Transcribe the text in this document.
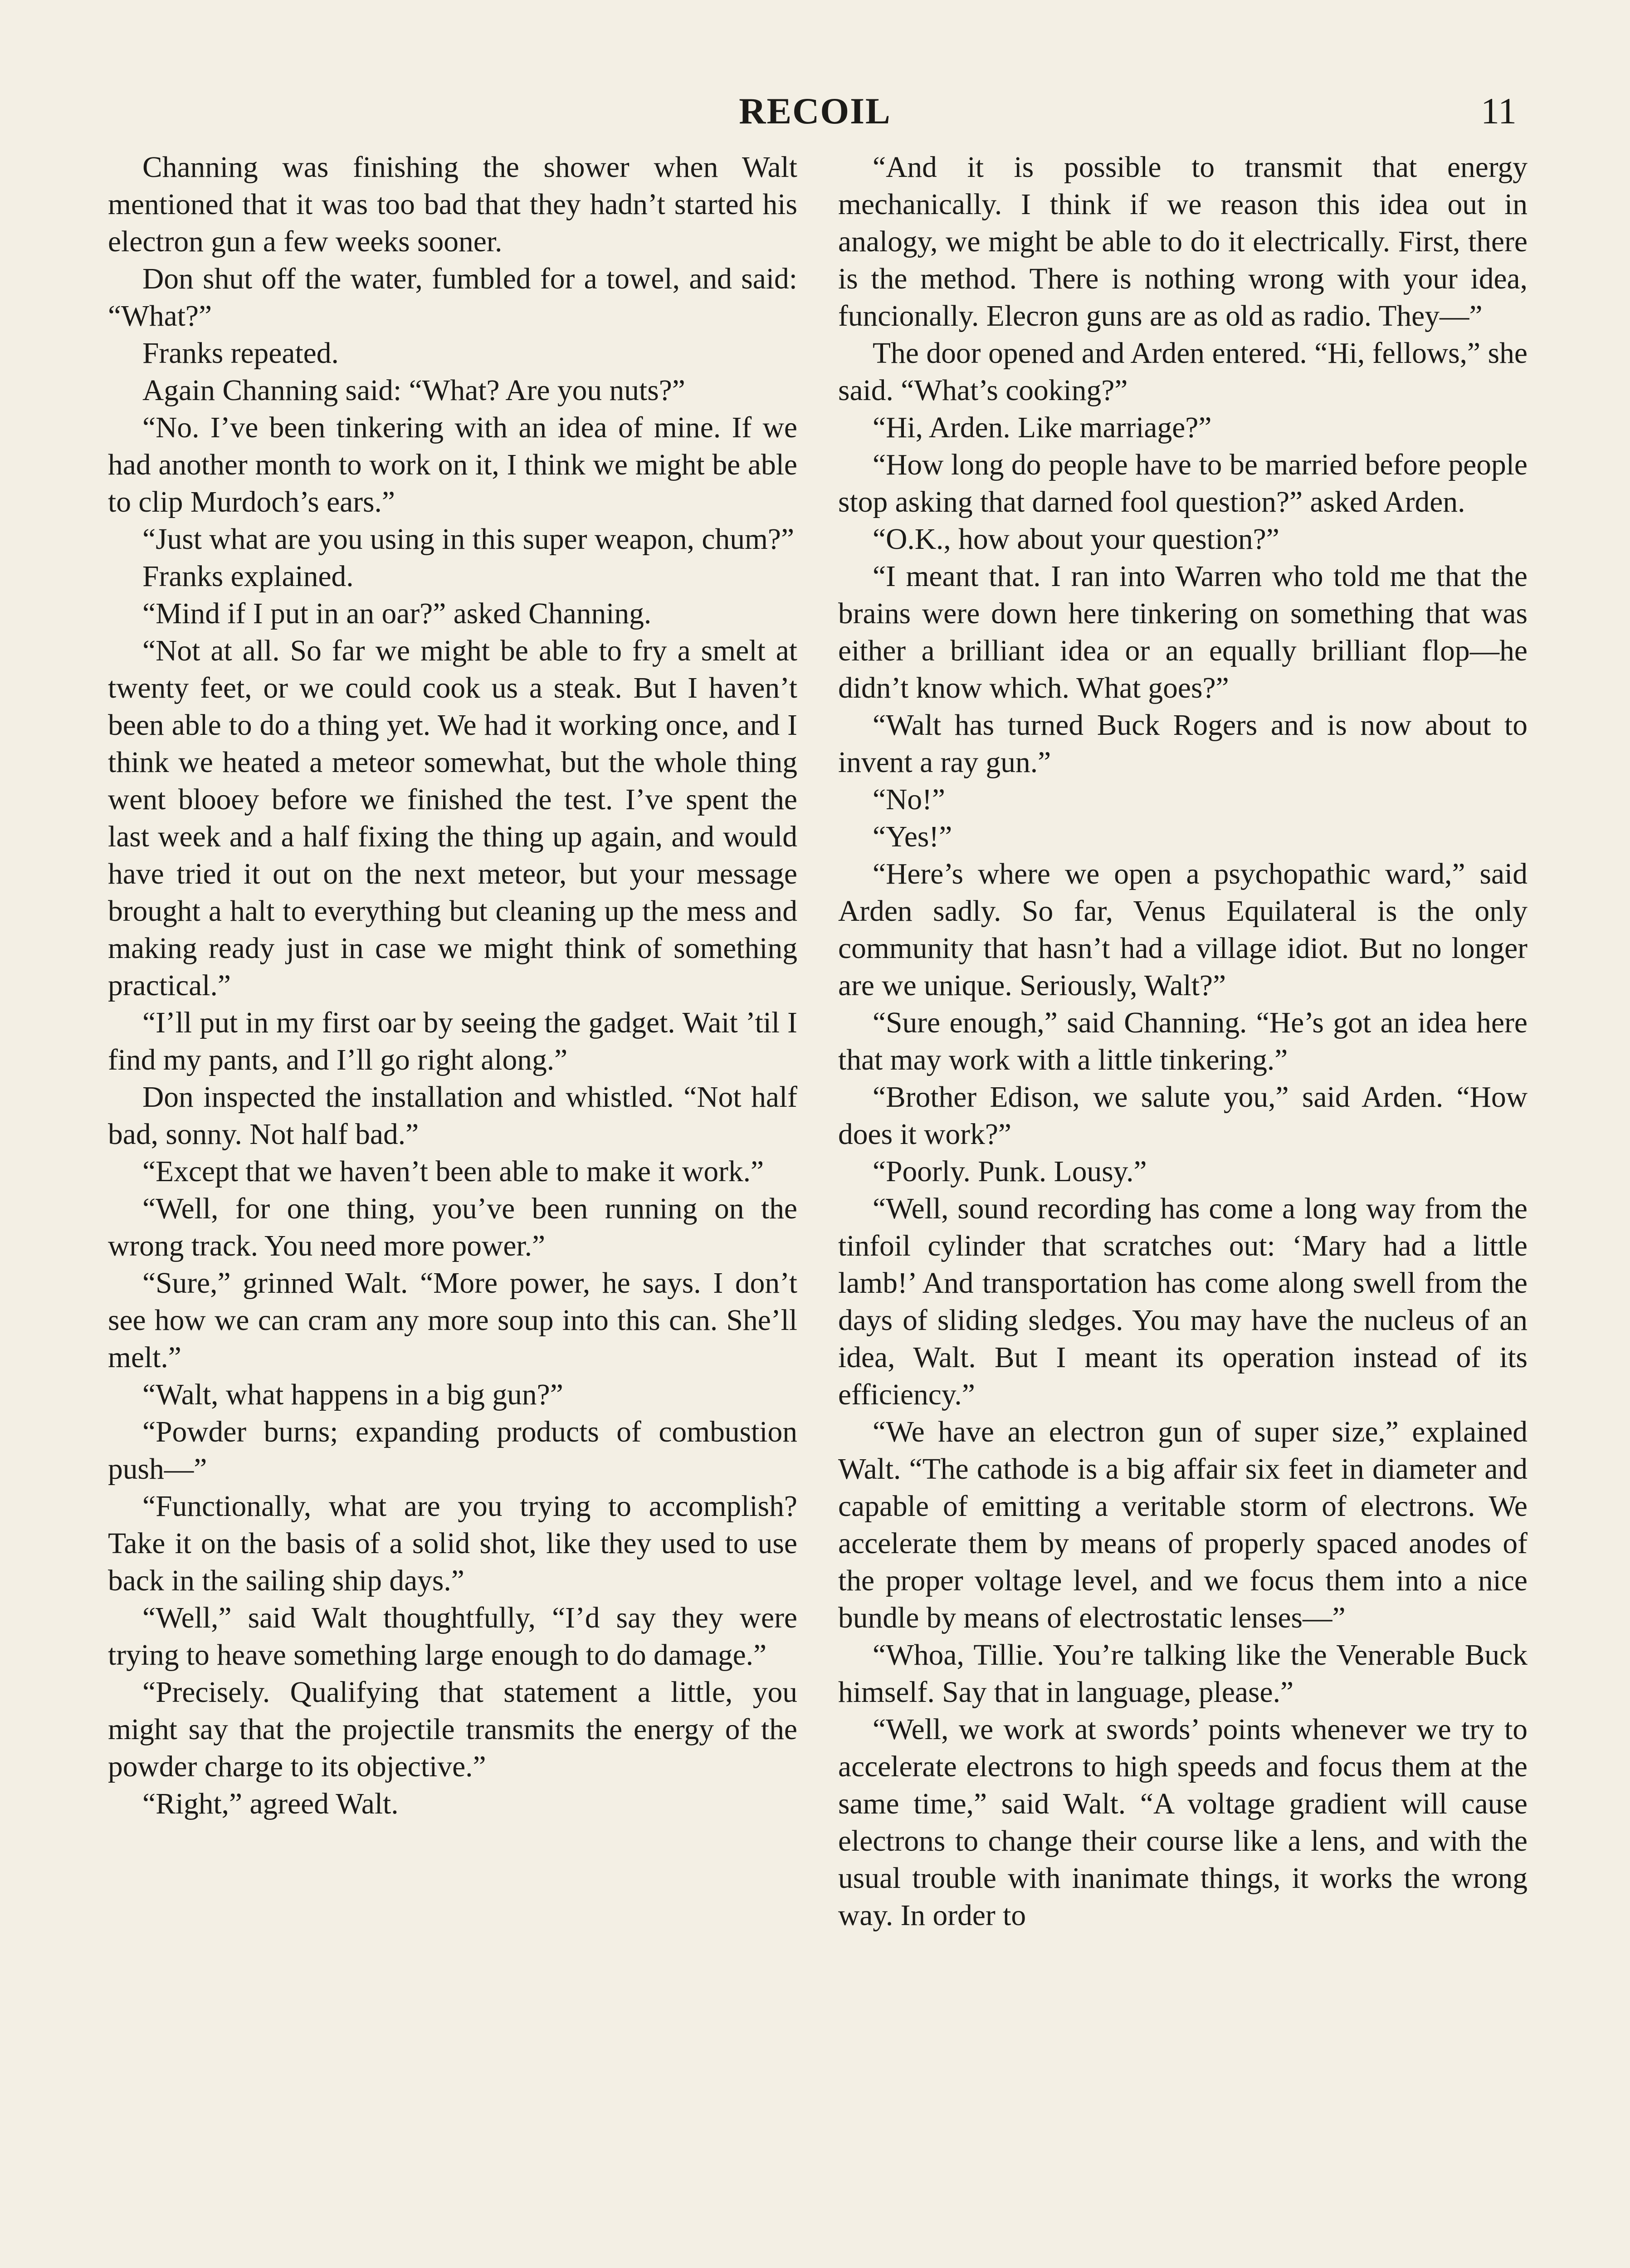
RECOIL	11

Channing was finishing the shower when Walt mentioned that it was too bad that they hadn’t started his electron gun a few weeks sooner.

Don shut off the water, fumbled for a towel, and said: “What?”

Franks repeated.

Again Channing said: “What? Are you nuts?”

“No. I’ve been tinkering with an idea of mine. If we had another month to work on it, I think we might be able to clip Murdoch’s ears.”

“Just what are you using in this super weapon, chum?”

Franks explained.

“Mind if I put in an oar?” asked Channing.

“Not at all. So far we might be able to fry a smelt at twenty feet, or we could cook us a steak. But I haven’t been able to do a thing yet. We had it working once, and I think we heated a meteor somewhat, but the whole thing went blooey before we finished the test. I’ve spent the last week and a half fixing the thing up again, and would have tried it out on the next meteor, but your message brought a halt to everything but cleaning up the mess and making ready just in case we might think of something practical.”

“I’ll put in my first oar by seeing the gadget. Wait ’til I find my pants, and I’ll go right along.”

Don inspected the installation and whistled. “Not half bad, sonny. Not half bad.”

“Except that we haven’t been able to make it work.”

“Well, for one thing, you’ve been running on the wrong track. You need more power.”

“Sure,” grinned Walt. “More power, he says. I don’t see how we can cram any more soup into this can. She’ll melt.”

“Walt, what happens in a big gun?”

“Powder burns; expanding products of combustion push—”

“Functionally, what are you trying to accomplish? Take it on the basis of a solid shot, like they used to use back in the sailing ship days.”

“Well,” said Walt thoughtfully, “I’d say they were trying to heave something large enough to do damage.”

“Precisely. Qualifying that statement a little, you might say that the projectile transmits the energy of the powder charge to its objective.”

“Right,” agreed Walt.

“And it is possible to transmit that energy mechanically. I think if we reason this idea out in analogy, we might be able to do it electrically. First, there is the method. There is nothing wrong with your idea, funcionally. Elecron guns are as old as radio. They—”

The door opened and Arden entered. “Hi, fellows,” she said. “What’s cooking?”

“Hi, Arden. Like marriage?”

“How long do people have to be married before people stop asking that darned fool question?” asked Arden.

“O.K., how about your question?”

“I meant that. I ran into Warren who told me that the brains were down here tinkering on something that was either a brilliant idea or an equally brilliant flop—he didn’t know which. What goes?”

“Walt has turned Buck Rogers and is now about to invent a ray gun.”

“No!”

“Yes!”

“Here’s where we open a psychopathic ward,” said Arden sadly. So far, Venus Equilateral is the only community that hasn’t had a village idiot. But no longer are we unique. Seriously, Walt?”

“Sure enough,” said Channing. “He’s got an idea here that may work with a little tinkering.”

“Brother Edison, we salute you,” said Arden. “How does it work?”

“Poorly. Punk. Lousy.”

“Well, sound recording has come a long way from the tinfoil cylinder that scratches out: ‘Mary had a little lamb!’ And transportation has come along swell from the days of sliding sledges. You may have the nucleus of an idea, Walt. But I meant its operation instead of its efficiency.”

“We have an electron gun of super size,” explained Walt. “The cathode is a big affair six feet in diameter and capable of emitting a veritable storm of electrons. We accelerate them by means of properly spaced anodes of the proper voltage level, and we focus them into a nice bundle by means of electrostatic lenses—”

“Whoa, Tillie. You’re talking like the Venerable Buck himself. Say that in language, please.”

“Well, we work at swords’ points whenever we try to accelerate electrons to high speeds and focus them at the same time,” said Walt. “A voltage gradient will cause electrons to change their course like a lens, and with the usual trouble with inanimate things, it works the wrong way. In order to
